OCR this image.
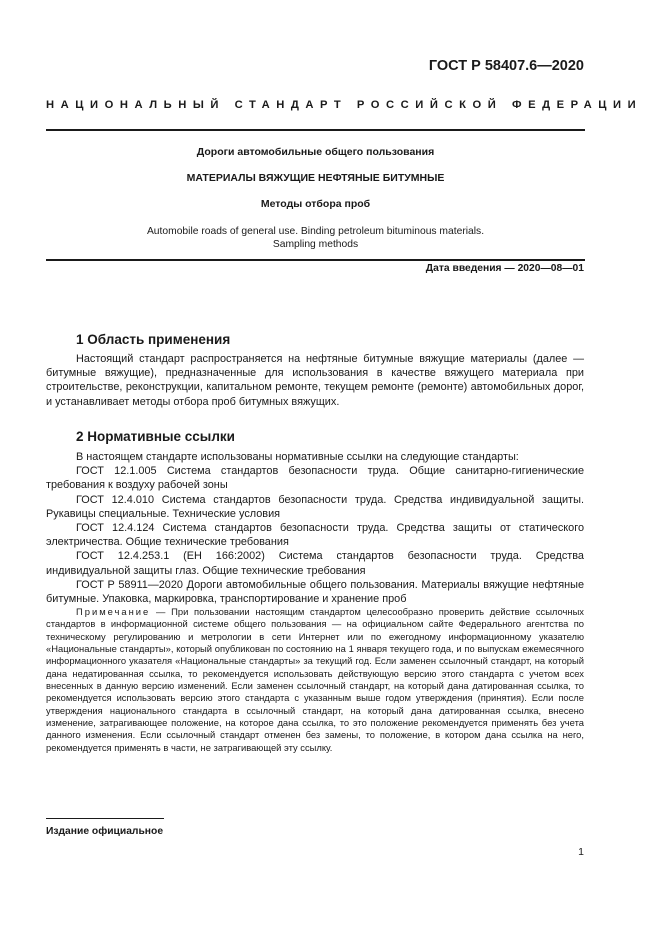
ГОСТ Р 58407.6—2020
НАЦИОНАЛЬНЫЙ СТАНДАРТ РОССИЙСКОЙ ФЕДЕРАЦИИ
Дороги автомобильные общего пользования
МАТЕРИАЛЫ ВЯЖУЩИЕ НЕФТЯНЫЕ БИТУМНЫЕ
Методы отбора проб
Automobile roads of general use. Binding petroleum bituminous materials.
Sampling methods
Дата введения — 2020—08—01
1 Область применения

Настоящий стандарт распространяется на нефтяные битумные вяжущие материалы (далее — битумные вяжущие), предназначенные для использования в качестве вяжущего материала при строительстве, реконструкции, капитальном ремонте, текущем ремонте (ремонте) автомобильных дорог, и устанавливает методы отбора проб битумных вяжущих.

2 Нормативные ссылки

В настоящем стандарте использованы нормативные ссылки на следующие стандарты:

ГОСТ 12.1.005 Система стандартов безопасности труда. Общие санитарно-гигиенические требования к воздуху рабочей зоны

ГОСТ 12.4.010 Система стандартов безопасности труда. Средства индивидуальной защиты. Рукавицы специальные. Технические условия

ГОСТ 12.4.124 Система стандартов безопасности труда. Средства защиты от статического электричества. Общие технические требования

ГОСТ 12.4.253.1 (ЕН 166:2002) Система стандартов безопасности труда. Средства индивидуальной защиты глаз. Общие технические требования

ГОСТ Р 58911—2020 Дороги автомобильные общего пользования. Материалы вяжущие нефтяные битумные. Упаковка, маркировка, транспортирование и хранение проб

Примечание — При пользовании настоящим стандартом целесообразно проверить действие ссылочных стандартов в информационной системе общего пользования — на официальном сайте Федерального агентства по техническому регулированию и метрологии в сети Интернет или по ежегодному информационному указателю «Национальные стандарты», который опубликован по состоянию на 1 января текущего года, и по выпускам ежемесячного информационного указателя «Национальные стандарты» за текущий год. Если заменен ссылочный стандарт, на который дана недатированная ссылка, то рекомендуется использовать действующую версию этого стандарта с учетом всех внесенных в данную версию изменений. Если заменен ссылочный стандарт, на который дана датированная ссылка, то рекомендуется использовать версию этого стандарта с указанным выше годом утверждения (принятия). Если после утверждения национального стандарта в ссылочный стандарт, на который дана датированная ссылка, внесено изменение, затрагивающее положение, на которое дана ссылка, то это положение рекомендуется применять без учета данного изменения. Если ссылочный стандарт отменен без замены, то положение, в котором дана ссылка на него, рекомендуется применять в части, не затрагивающей эту ссылку.

Издание официальное
1
